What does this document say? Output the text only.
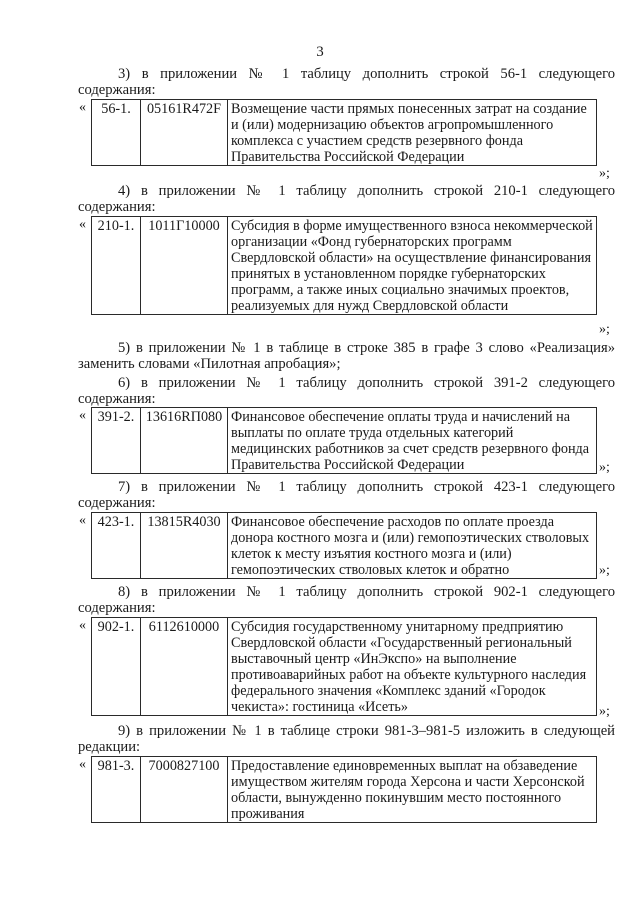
3
3) в приложении № 1 таблицу дополнить строкой 56-1 следующего
содержания:
« 56-1.	05161R472F	Возмещение части прямых понесенных затрат на создание и (или) модернизацию объектов агропромышленного комплекса с участием средств резервного фонда Правительства Российской Федерации
»;
4) в приложении № 1 таблицу дополнить строкой 210-1 следующего
содержания:
« 210-1.	1011Г10000	Субсидия в форме имущественного взноса некоммерческой организации «Фонд губернаторских программ Свердловской области» на осуществление финансирования принятых в установленном порядке губернаторских программ, а также иных социально значимых проектов, реализуемых для нужд Свердловской области
»;
5) в приложении № 1 в таблице в строке 385 в графе 3 слово «Реализация»
заменить словами «Пилотная апробация»;
6) в приложении № 1 таблицу дополнить строкой 391-2 следующего
содержания:
« 391-2.	13616RП080	Финансовое обеспечение оплаты труда и начислений на выплаты по оплате труда отдельных категорий медицинских работников за счет средств резервного фонда Правительства Российской Федерации	»;
7) в приложении № 1 таблицу дополнить строкой 423-1 следующего
содержания:
« 423-1.	13815R4030	Финансовое обеспечение расходов по оплате проезда донора костного мозга и (или) гемопоэтических стволовых клеток к месту изъятия костного мозга и (или) гемопоэтических стволовых клеток и обратно	»;
8) в приложении № 1 таблицу дополнить строкой 902-1 следующего
содержания:
« 902-1.	6112610000	Субсидия государственному унитарному предприятию Свердловской области «Государственный региональный выставочный центр «ИнЭкспо» на выполнение противоаварийных работ на объекте культурного наследия федерального значения «Комплекс зданий «Городок чекиста»: гостиница «Исеть»	»;
9) в приложении № 1 в таблице строки 981-3–981-5 изложить в следующей
редакции:
« 981-3.	7000827100	Предоставление единовременных выплат на обзаведение имуществом жителям города Херсона и части Херсонской области, вынужденно покинувшим место постоянного проживания
